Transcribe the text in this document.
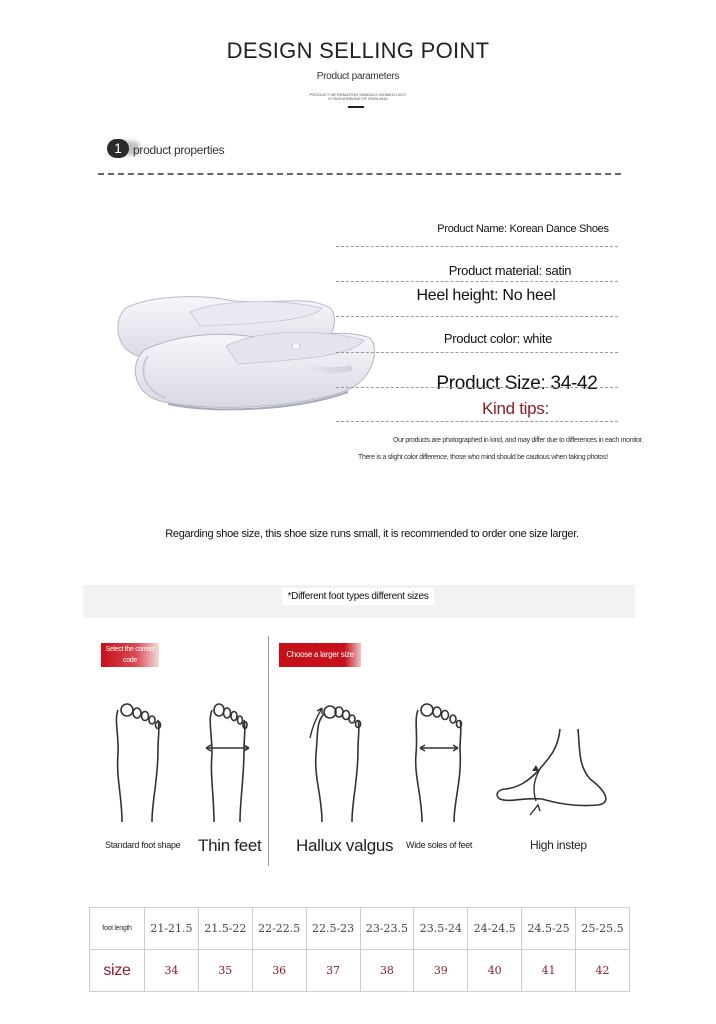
DESIGN SELLING POINT
Product parameters
PRODUCT INFORMATION SANDALS WOMEN CATC
H FASHIONWIND OF ENGLAND
1 product properties
Product Name: Korean Dance Shoes
Product material: satin
Heel height: No heel
Product color: white
Product Size: 34-42
Kind tips:
Our products are photographed in kind, and may differ due to differences in each monitor.
There is a slight color difference, those who mind should be cautious when taking photos!
Regarding shoe size, this shoe size runs small, it is recommended to order one size larger.
*Different foot types different sizes
Select the correct code
Choose a larger size
Standard foot shape Thin feet Hallux valgus Wide soles of feet	High instep
foot length	21-21.5	21.5-22	22-22.5	22.5-23	23-23.5	23.5-24	24-24.5	24.5-25	25-25.5
size	34	35	36	37	38	39	40	41	42
